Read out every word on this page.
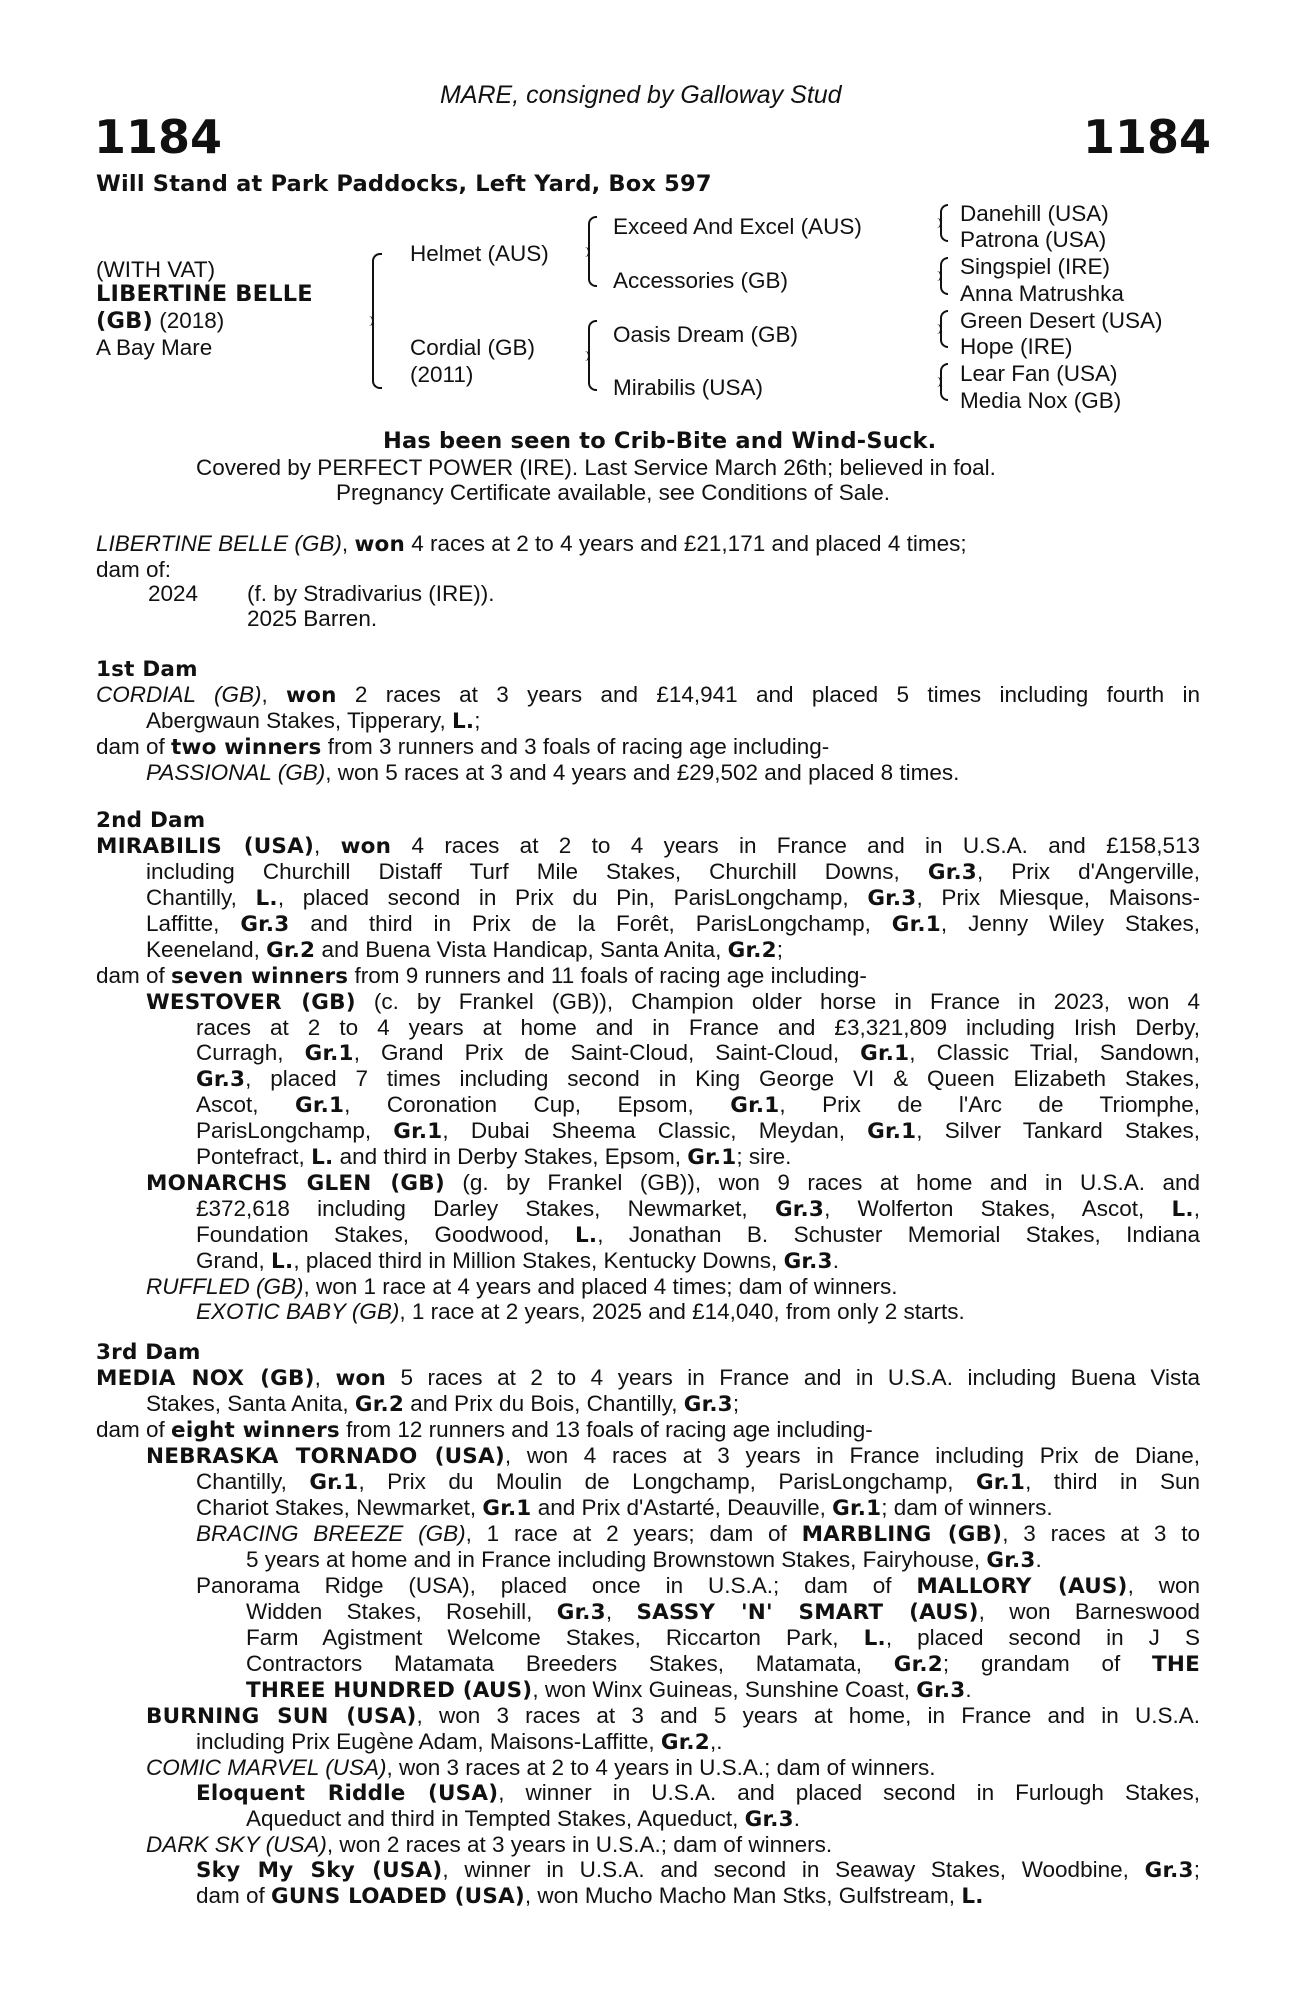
MARE, consigned by Galloway Stud
1184	1184
Will Stand at Park Paddocks, Left Yard, Box 597
(WITH VAT)
LIBERTINE BELLE
(GB) (2018)
A Bay Mare
Helmet (AUS)
Cordial (GB)
(2011)
Exceed And Excel (AUS)
Accessories (GB)
Oasis Dream (GB)
Mirabilis (USA)
Danehill (USA)
Patrona (USA)
Singspiel (IRE)
Anna Matrushka
Green Desert (USA)
Hope (IRE)
Lear Fan (USA)
Media Nox (GB)
Has been seen to Crib-Bite and Wind-Suck.
Covered by PERFECT POWER (IRE). Last Service March 26th; believed in foal.
Pregnancy Certificate available, see Conditions of Sale.
LIBERTINE BELLE (GB), won 4 races at 2 to 4 years and £21,171 and placed 4 times;
dam of:
2024 (f. by Stradivarius (IRE)).
2025 Barren.
1st Dam
CORDIAL (GB), won 2 races at 3 years and £14,941 and placed 5 times including fourth in
Abergwaun Stakes, Tipperary, L.;
dam of two winners from 3 runners and 3 foals of racing age including-
PASSIONAL (GB), won 5 races at 3 and 4 years and £29,502 and placed 8 times.
2nd Dam
MIRABILIS (USA), won 4 races at 2 to 4 years in France and in U.S.A. and £158,513
including Churchill Distaff Turf Mile Stakes, Churchill Downs, Gr.3, Prix d'Angerville,
Chantilly, L., placed second in Prix du Pin, ParisLongchamp, Gr.3, Prix Miesque, Maisons-
Laffitte, Gr.3 and third in Prix de la Forêt, ParisLongchamp, Gr.1, Jenny Wiley Stakes,
Keeneland, Gr.2 and Buena Vista Handicap, Santa Anita, Gr.2;
dam of seven winners from 9 runners and 11 foals of racing age including-
WESTOVER (GB) (c. by Frankel (GB)), Champion older horse in France in 2023, won 4
races at 2 to 4 years at home and in France and £3,321,809 including Irish Derby,
Curragh, Gr.1, Grand Prix de Saint-Cloud, Saint-Cloud, Gr.1, Classic Trial, Sandown,
Gr.3, placed 7 times including second in King George VI & Queen Elizabeth Stakes,
Ascot, Gr.1, Coronation Cup, Epsom, Gr.1, Prix de l'Arc de Triomphe,
ParisLongchamp, Gr.1, Dubai Sheema Classic, Meydan, Gr.1, Silver Tankard Stakes,
Pontefract, L. and third in Derby Stakes, Epsom, Gr.1; sire.
MONARCHS GLEN (GB) (g. by Frankel (GB)), won 9 races at home and in U.S.A. and
£372,618 including Darley Stakes, Newmarket, Gr.3, Wolferton Stakes, Ascot, L.,
Foundation Stakes, Goodwood, L., Jonathan B. Schuster Memorial Stakes, Indiana
Grand, L., placed third in Million Stakes, Kentucky Downs, Gr.3.
RUFFLED (GB), won 1 race at 4 years and placed 4 times; dam of winners.
EXOTIC BABY (GB), 1 race at 2 years, 2025 and £14,040, from only 2 starts.
3rd Dam
MEDIA NOX (GB), won 5 races at 2 to 4 years in France and in U.S.A. including Buena Vista
Stakes, Santa Anita, Gr.2 and Prix du Bois, Chantilly, Gr.3;
dam of eight winners from 12 runners and 13 foals of racing age including-
NEBRASKA TORNADO (USA), won 4 races at 3 years in France including Prix de Diane,
Chantilly, Gr.1, Prix du Moulin de Longchamp, ParisLongchamp, Gr.1, third in Sun
Chariot Stakes, Newmarket, Gr.1 and Prix d'Astarté, Deauville, Gr.1; dam of winners.
BRACING BREEZE (GB), 1 race at 2 years; dam of MARBLING (GB), 3 races at 3 to
5 years at home and in France including Brownstown Stakes, Fairyhouse, Gr.3.
Panorama Ridge (USA), placed once in U.S.A.; dam of MALLORY (AUS), won
Widden Stakes, Rosehill, Gr.3, SASSY 'N' SMART (AUS), won Barneswood
Farm Agistment Welcome Stakes, Riccarton Park, L., placed second in J S
Contractors Matamata Breeders Stakes, Matamata, Gr.2; grandam of THE
THREE HUNDRED (AUS), won Winx Guineas, Sunshine Coast, Gr.3.
BURNING SUN (USA), won 3 races at 3 and 5 years at home, in France and in U.S.A.
including Prix Eugène Adam, Maisons-Laffitte, Gr.2,.
COMIC MARVEL (USA), won 3 races at 2 to 4 years in U.S.A.; dam of winners.
Eloquent Riddle (USA), winner in U.S.A. and placed second in Furlough Stakes,
Aqueduct and third in Tempted Stakes, Aqueduct, Gr.3.
DARK SKY (USA), won 2 races at 3 years in U.S.A.; dam of winners.
Sky My Sky (USA), winner in U.S.A. and second in Seaway Stakes, Woodbine, Gr.3;
dam of GUNS LOADED (USA), won Mucho Macho Man Stks, Gulfstream, L.
